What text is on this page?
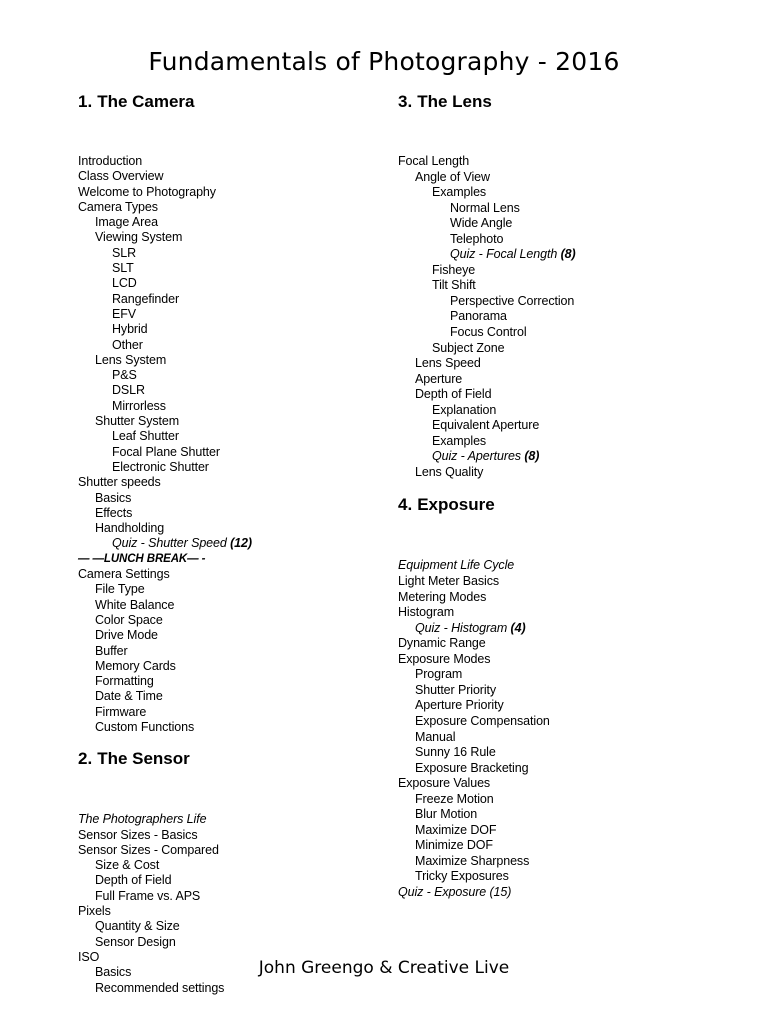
Fundamentals of Photography - 2016
1. The Camera
Introduction
Class Overview
Welcome to Photography
Camera Types
Image Area
Viewing System
SLR
SLT
LCD
Rangefinder
EFV
Hybrid
Other
Lens System
P&S
DSLR
Mirrorless
Shutter System
Leaf Shutter
Focal Plane Shutter
Electronic Shutter
Shutter speeds
Basics
Effects
Handholding
Quiz - Shutter Speed (12)
— —LUNCH BREAK— -
Camera Settings
File Type
White Balance
Color Space
Drive Mode
Buffer
Memory Cards
Formatting
Date & Time
Firmware
Custom Functions
2. The Sensor
The Photographers Life
Sensor Sizes - Basics
Sensor Sizes - Compared
Size & Cost
Depth of Field
Full Frame vs. APS
Pixels
Quantity & Size
Sensor Design
ISO
Basics
Recommended settings
3. The Lens
Focal Length
Angle of View
Examples
Normal Lens
Wide Angle
Telephoto
Quiz - Focal Length (8)
Fisheye
Tilt Shift
Perspective Correction
Panorama
Focus Control
Subject Zone
Lens Speed
Aperture
Depth of Field
Explanation
Equivalent Aperture
Examples
Quiz - Apertures (8)
Lens Quality
4. Exposure
Equipment Life Cycle
Light Meter Basics
Metering Modes
Histogram
Quiz - Histogram (4)
Dynamic Range
Exposure Modes
Program
Shutter Priority
Aperture Priority
Exposure Compensation
Manual
Sunny 16 Rule
Exposure Bracketing
Exposure Values
Freeze Motion
Blur Motion
Maximize DOF
Minimize DOF
Maximize Sharpness
Tricky Exposures
Quiz - Exposure (15)
John Greengo & Creative Live
